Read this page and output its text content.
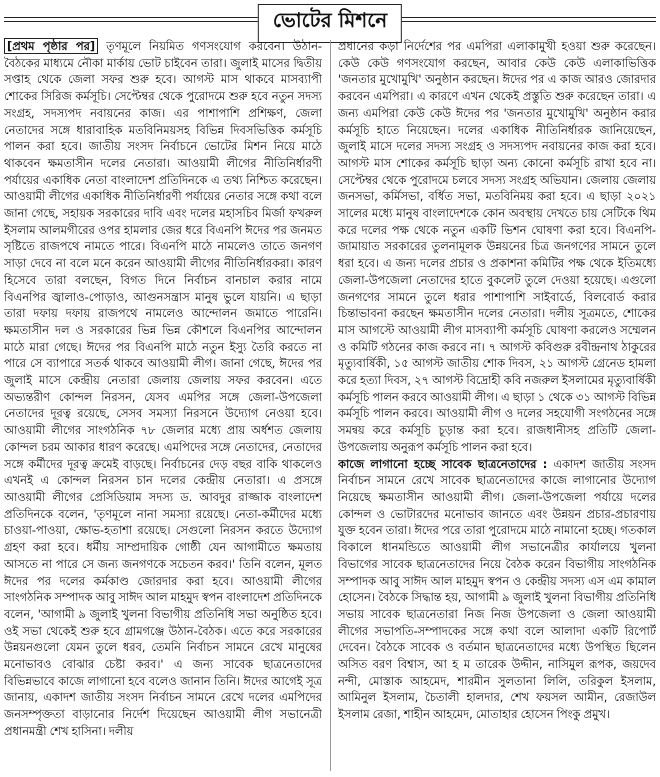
ভোটের মিশনে

[প্রথম পৃষ্ঠার পর] তৃণমূলে নিয়মিত গণসংযোগ করবেন। উঠান-বৈঠকের মাধ্যমে নৌকা মার্কায় ভোট চাইবেন তারা। জুলাই মাসের দ্বিতীয় সপ্তাহ থেকে জেলা সফর শুরু হবে। আগস্ট মাস থাকবে মাসব্যাপী শোকের সিরিজ কর্মসূচি। সেপ্টেম্বর থেকে পুরোদমে শুরু হবে নতুন সদস্য সংগ্রহ, সদস্যপদ নবায়নের কাজ। এর পাশাপাশি প্রশিক্ষণ, জেলা নেতাদের সঙ্গে ধারাবাহিক মতবিনিময়সহ বিভিন্ন দিবসভিত্তিক কর্মসূচি পালন করা হবে। জাতীয় সংসদ নির্বাচনে ভোটের মিশন নিয়ে মাঠে থাকবেন ক্ষমতাসীন দলের নেতারা। আওয়ামী লীগের নীতিনির্ধারণী পর্যায়ের একাধিক নেতা বাংলাদেশ প্রতিদিনকে এ তথ্য নিশ্চিত করেছেন। আওয়ামী লীগের একাধিক নীতিনির্ধারণী পর্যায়ের নেতার সঙ্গে কথা বলে জানা গেছে, সহায়ক সরকারের দাবি এবং দলের মহাসচিব মির্জা ফখরুল ইসলাম আলমগীরের ওপর হামলার জের ধরে বিএনপি ঈদের পর জনমত সৃষ্টিতে রাজপথে নামতে পারে। বিএনপি মাঠে নামলেও তাতে জনগণ সাড়া দেবে না বলে মনে করেন আওয়ামী লীগের নীতিনির্ধারকরা। কারণ হিসেবে তারা বলছেন, বিগত দিনে নির্বাচন বানচাল করার নামে বিএনপির জ্বালাও-পোড়াও, আগুনসন্ত্রাস মানুষ ভুলে যায়নি। এ ছাড়া তারা দফায় দফায় রাজপথে নামলেও আন্দোলন জমাতে পারেনি। ক্ষমতাসীন দল ও সরকারের ভিন্ন ভিন্ন কৌশলে বিএনপির আন্দোলন মাঠে মারা গেছে। ঈদের পর বিএনপি মাঠে নতুন ইস্যু তৈরি করতে না পারে সে ব্যাপারে সতর্ক থাকবে আওয়ামী লীগ। জানা গেছে, ঈদের পর জুলাই মাসে কেন্দ্রীয় নেতারা জেলায় জেলায় সফর করবেন। এতে অভ্যন্তরীণ কোন্দল নিরসন, যেসব এমপির সঙ্গে জেলা-উপজেলা নেতাদের দূরত্ব রয়েছে, সেসব সমস্যা নিরসনে উদ্যোগ নেওয়া হবে। আওয়ামী লীগের সাংগঠনিক ৭৮ জেলার মধ্যে প্রায় অর্ধশত জেলায় কোন্দল চরম আকার ধারণ করেছে। এমপিদের সঙ্গে নেতাদের, নেতাদের সঙ্গে কর্মীদের দূরত্ব ক্রমেই বাড়ছে। নির্বাচনের দেড় বছর বাকি থাকলেও এখনই এ কোন্দল নিরসন চান দলের কেন্দ্রীয় নেতারা। এ প্রসঙ্গে আওয়ামী লীগের প্রেসিডিয়াম সদস্য ড. আবদুর রাজ্জাক বাংলাদেশ প্রতিদিনকে বলেন, 'তৃণমূলে নানা সমস্যা রয়েছে। নেতা-কর্মীদের মধ্যে চাওয়া-পাওয়া, ক্ষোভ-হতাশা রয়েছে। সেগুলো নিরসন করতে উদ্যোগ গ্রহণ করা হবে। ধর্মীয় সাম্প্রদায়িক গোষ্ঠী যেন আগামীতে ক্ষমতায় আসতে না পারে সে জন্য জনগণকে সচেতন করব।' তিনি বলেন, মূলত ঈদের পর দলের কর্মকাণ্ড জোরদার করা হবে। আওয়ামী লীগের সাংগঠনিক সম্পাদক আবু সাঈদ আল মাহমুদ স্বপন বাংলাদেশ প্রতিদিনকে বলেন, 'আগামী ৯ জুলাই খুলনা বিভাগীয় প্রতিনিধি সভা অনুষ্ঠিত হবে। ওই সভা থেকেই শুরু হবে গ্রামগঞ্জে উঠান-বৈঠক। এতে করে সরকারের উন্নয়নগুলো যেমন তুলে ধরব, তেমনি নির্বাচন সামনে রেখে মানুষের মনোভাবও বোঝার চেষ্টা করব।' এ জন্য সাবেক ছাত্রনেতাদের বিভিন্নভাবে কাজে লাগানো হবে বলেও জানান তিনি। ঈদের আগেই সূত্র জানায়, একাদশ জাতীয় সংসদ নির্বাচন সামনে রেখে দলের এমপিদের জনসম্পৃক্ততা বাড়ানোর নির্দেশ দিয়েছেন আওয়ামী লীগ সভানেত্রী প্রধানমন্ত্রী শেখ হাসিনা। দলীয়

প্রধানের কড়া নির্দেশের পর এমপিরা এলাকামুখী হওয়া শুরু করেছেন। কেউ কেউ গণসংযোগ করছেন, আবার কেউ কেউ এলাকাভিত্তিক 'জনতার মুখোমুখি' অনুষ্ঠান করছেন। ঈদের পর এ কাজ আরও জোরদার করবেন এমপিরা। এ কারণে এখন থেকেই প্রস্তুতি শুরু করেছেন তারা। এ জন্য এমপিরা কেউ কেউ ঈদের পর 'জনতার মুখোমুখি' অনুষ্ঠান করার কর্মসূচি হাতে নিয়েছেন। দলের একাধিক নীতিনির্ধারক জানিয়েছেন, জুলাই মাসে দলের সদস্য সংগ্রহ ও সদস্যপদ নবায়নের কাজ করা হবে। আগস্ট মাস শোকের কর্মসূচি ছাড়া অন্য কোনো কর্মসূচি রাখা হবে না। সেপ্টেম্বর থেকে পুরোদমে চলবে সদস্য সংগ্রহ অভিযান। জেলায় জেলায় জনসভা, কর্মিসভা, বর্ধিত সভা, মতবিনিময় করা হবে। এ ছাড়া ২০২১ সালের মধ্যে মানুষ বাংলাদেশকে কোন অবস্থায় দেখতে চায় সেটিকে থিম করে দলের পক্ষ থেকে নতুন একটি ভিশন ঘোষণা করা হবে। বিএনপি-জামায়াত সরকারের তুলনামূলক উন্নয়নের চিত্র জনগণের সামনে তুলে ধরা হবে। এ জন্য দলের প্রচার ও প্রকাশনা কমিটির পক্ষ থেকে ইতিমধ্যে জেলা-উপজেলা নেতাদের হাতে বুকলেট তুলে দেওয়া হয়েছে। এগুলো জনগণের সামনে তুলে ধরার পাশাপাশি সাইবার্ডে, বিলবোর্ড করার চিন্তাভাবনা করছেন ক্ষমতাসীন দলের নেতারা। দলীয় সূত্রমতে, শোকের মাস আগস্টে আওয়ামী লীগ মাসব্যাপী কর্মসূচি ঘোষণা করলেও সম্মেলন ও কমিটি গঠনের কাজ করবে না। ৭ আগস্ট কবিগুরু রবীন্দ্রনাথ ঠাকুরের মৃত্যুবার্ষিকী, ১৫ আগস্ট জাতীয় শোক দিবস, ২১ আগস্ট গ্রেনেড হামলা করে হত্যা দিবস, ২৭ আগস্ট বিদ্রোহী কবি নজরুল ইসলামের মৃত্যুবার্ষিকী কর্মসূচি পালন করবে আওয়ামী লীগ। এ ছাড়া ১ থেকে ৩১ আগস্ট বিভিন্ন কর্মসূচি পালন করবে। আওয়ামী লীগ ও দলের সহযোগী সংগঠনের সঙ্গে সমন্বয় করে কর্মসূচি চূড়ান্ত করা হবে। রাজধানীসহ প্রতিটি জেলা-উপজেলায় অনুরূপ কর্মসূচি পালন করা হবে।

কাজে লাগানো হচ্ছে সাবেক ছাত্রনেতাদের : একাদশ জাতীয় সংসদ নির্বাচন সামনে রেখে সাবেক ছাত্রনেতাদের কাজে লাগানোর উদ্যোগ নিয়েছে ক্ষমতাসীন আওয়ামী লীগ। জেলা-উপজেলা পর্যায়ে দলের কোন্দল ও ভোটারদের মনোভাব জানতে এবং উন্নয়ন প্রচার-প্রচারণায় যুক্ত হবেন তারা। ঈদের পরে তারা পুরোদমে মাঠে নামানো হচ্ছে। গতকাল বিকালে ধানমন্ডিতে আওয়ামী লীগ সভানেত্রীর কার্যালয়ে খুলনা বিভাগের সাবেক ছাত্রনেতাদের নিয়ে বৈঠক করেন বিভাগীয় সাংগঠনিক সম্পাদক আবু সাঈদ আল মাহমুদ স্বপন ও কেন্দ্রীয় সদস্য এস এম কামাল হোসেন। বৈঠকে সিদ্ধান্ত হয়, আগামী ৯ জুলাই খুলনা বিভাগীয় প্রতিনিধি সভায় সাবেক ছাত্রনেতারা নিজ নিজ উপজেলা ও জেলা আওয়ামী লীগের সভাপতি-সম্পাদকের সঙ্গে কথা বলে আলাদা একটি রিপোর্ট দেবেন। বৈঠকে সাবেক ও বর্তমান ছাত্রনেতাদের মধ্যে উপস্থিত ছিলেন অসিত বরণ বিশ্বাস, আ হ ম তারেক উদ্দীন, নাসিমুল রূপক, জয়দেব নন্দী, মোস্তাক আহমেদ, শারমীন সুলতানা লিলি, তরিকুল ইসলাম, আমিনুল ইসলাম, চৈতালী হালদার, শেখ ফয়সল আমীন, রেজাউল ইসলাম রেজা, শাহীন আহমেদ, মোতাহার হোসেন পিংকু প্রমুখ।
